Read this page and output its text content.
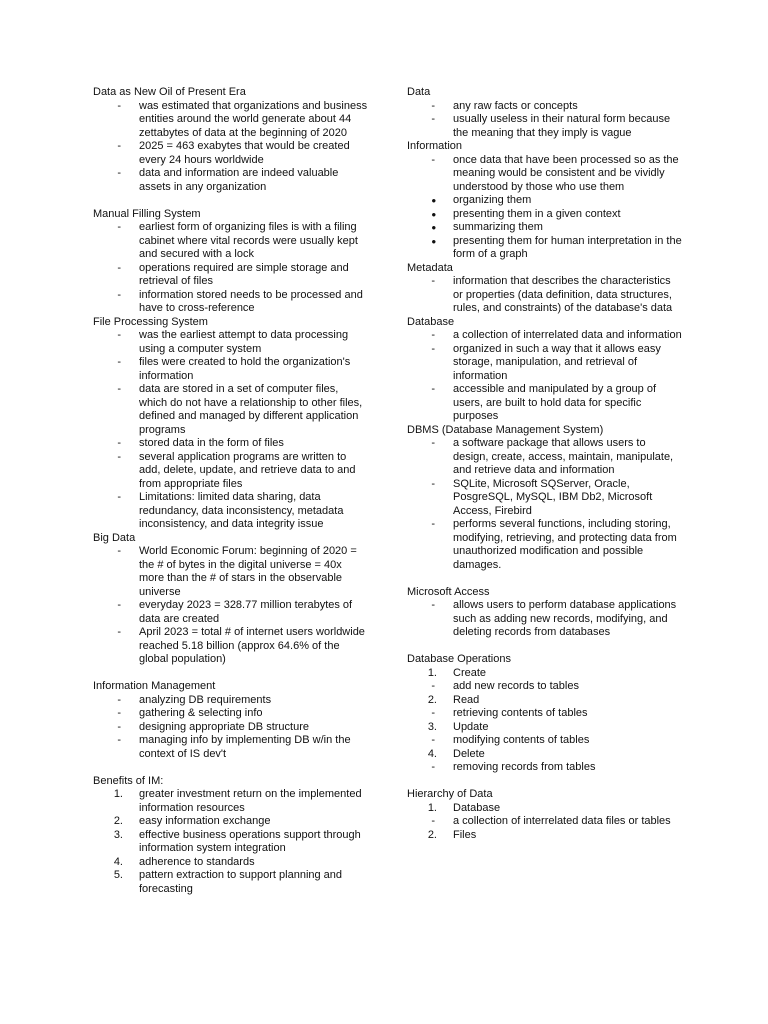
Data as New Oil of Present Era
- was estimated that organizations and business entities around the world generate about 44 zettabytes of data at the beginning of 2020
- 2025 = 463 exabytes that would be created every 24 hours worldwide
- data and information are indeed valuable assets in any organization
Manual Filling System
- earliest form of organizing files is with a filing cabinet where vital records were usually kept and secured with a lock
- operations required are simple storage and retrieval of files
- information stored needs to be processed and have to cross-reference
File Processing System
- was the earliest attempt to data processing using a computer system
- files were created to hold the organization's information
- data are stored in a set of computer files, which do not have a relationship to other files, defined and managed by different application programs
- stored data in the form of files
- several application programs are written to add, delete, update, and retrieve data to and from appropriate files
- Limitations: limited data sharing, data redundancy, data inconsistency, metadata inconsistency, and data integrity issue
Big Data
- World Economic Forum: beginning of 2020 = the # of bytes in the digital universe = 40x more than the # of stars in the observable universe
- everyday 2023 = 328.77 million terabytes of data are created
- April 2023 = total # of internet users worldwide reached 5.18 billion (approx 64.6% of the global population)
Information Management
- analyzing DB requirements
- gathering & selecting info
- designing appropriate DB structure
- managing info by implementing DB w/in the context of IS dev't
Benefits of IM:
1. greater investment return on the implemented information resources
2. easy information exchange
3. effective business operations support through information system integration
4. adherence to standards
5. pattern extraction to support planning and forecasting
Data
- any raw facts or concepts
- usually useless in their natural form because the meaning that they imply is vague
Information
- once data that have been processed so as the meaning would be consistent and be vividly understood by those who use them
• organizing them
• presenting them in a given context
• summarizing them
• presenting them for human interpretation in the form of a graph
Metadata
- information that describes the characteristics or properties (data definition, data structures, rules, and constraints) of the database's data
Database
- a collection of interrelated data and information
- organized in such a way that it allows easy storage, manipulation, and retrieval of information
- accessible and manipulated by a group of users, are built to hold data for specific purposes
DBMS (Database Management System)
- a software package that allows users to design, create, access, maintain, manipulate, and retrieve data and information
- SQLite, Microsoft SQServer, Oracle, PosgreSQL, MySQL, IBM Db2, Microsoft Access, Firebird
- performs several functions, including storing, modifying, retrieving, and protecting data from unauthorized modification and possible damages.
Microsoft Access
- allows users to perform database applications such as adding new records, modifying, and deleting records from databases
Database Operations
1. Create
- add new records to tables
2. Read
- retrieving contents of tables
3. Update
- modifying contents of tables
4. Delete
- removing records from tables
Hierarchy of Data
1. Database
- a collection of interrelated data files or tables
2. Files
